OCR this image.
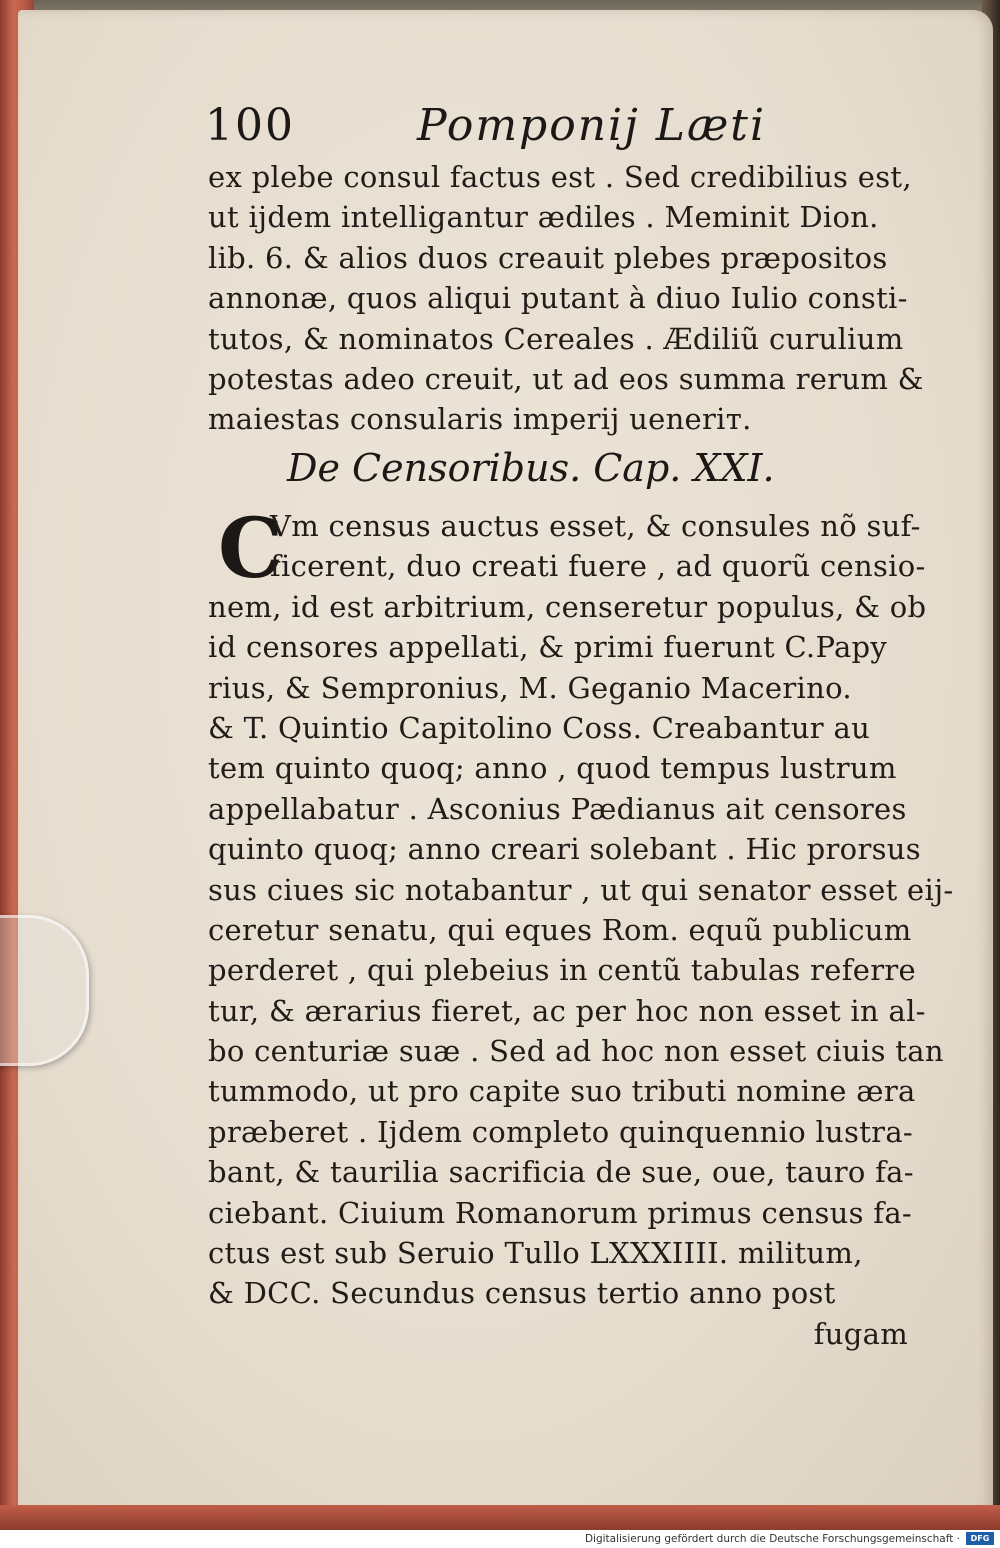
100	Pomponij Læti
ex plebe consul factus est . Sed credibilius est,
ut ijdem intelligantur ædiles . Meminit Dion.
lib. 6. & alios duos creauit plebes præpositos
annonæ, quos aliqui putant à diuo Iulio consti-
tutos, & nominatos Cereales . Ædiliũ curulium
potestas adeo creuit, ut ad eos summa rerum &
maiestas consularis imperij ueneriт.
De Censoribus. Cap. XXI.
C
Vm census auctus esset, & consules nõ suf-
ficerent, duo creati fuere , ad quorũ censio-
nem, id est arbitrium, censeretur populus, & ob
id censores appellati, & primi fuerunt C.Papy
rius, & Sempronius, M. Geganio Macerino.
& T. Quintio Capitolino Coss. Creabantur au
tem quinto quoq; anno , quod tempus lustrum
appellabatur . Asconius Pædianus ait censores
quinto quoq; anno creari solebant . Hic prorsus
sus ciues sic notabantur , ut qui senator esset eij-
ceretur senatu, qui eques Rom. equũ publicum
perderet , qui plebeius in centũ tabulas referre
tur, & ærarius fieret, ac per hoc non esset in al-
bo centuriæ suæ . Sed ad hoc non esset ciuis tan
tummodo, ut pro capite suo tributi nomine æra
præberet . Ijdem completo quinquennio lustra-
bant, & taurilia sacrificia de sue, oue, tauro fa-
ciebant. Ciuium Romanorum primus census fa-
ctus est sub Seruio Tullo LXXXIIII. militum,
& DCC. Secundus census tertio anno post
fugam
Digitalisierung gefördert durch die Deutsche Forschungsgemeinschaft ·	DFG
